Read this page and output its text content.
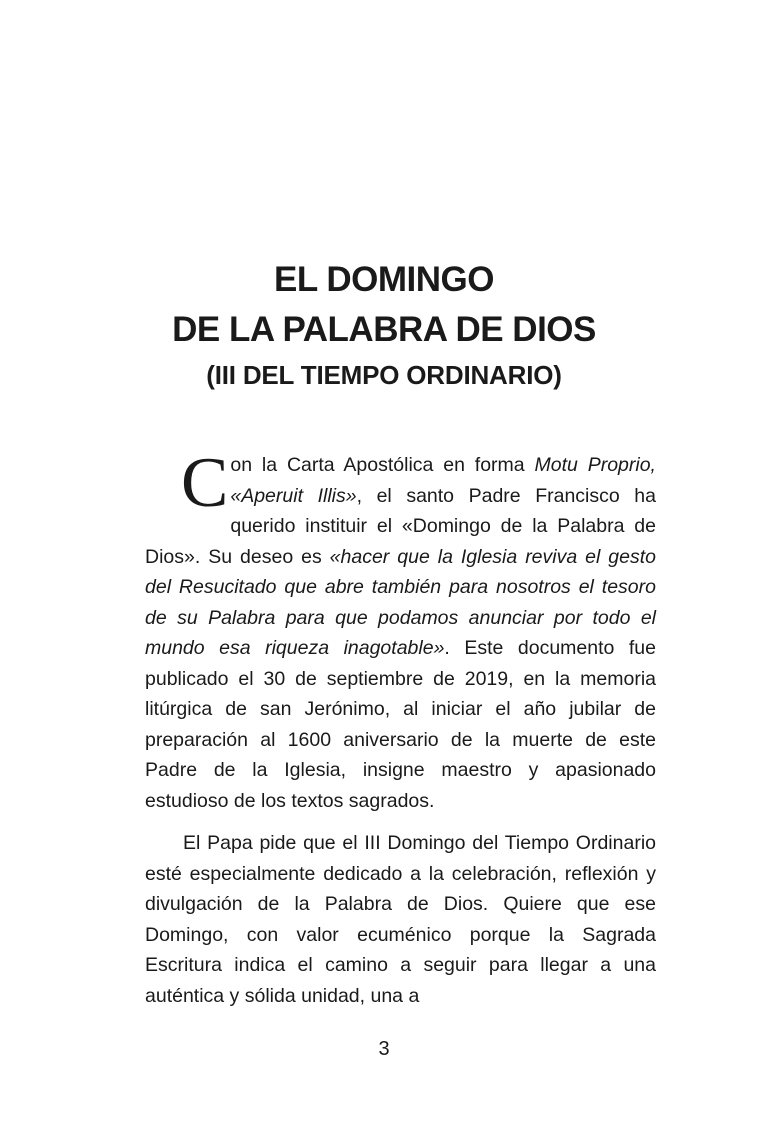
EL DOMINGO
DE LA PALABRA DE DIOS
(III DEL TIEMPO ORDINARIO)

Con la Carta Apostólica en forma Motu Proprio, «Aperuit Illis», el santo Padre Francisco ha querido instituir el «Domingo de la Palabra de Dios». Su deseo es «hacer que la Iglesia reviva el gesto del Resucitado que abre también para nosotros el tesoro de su Palabra para que podamos anunciar por todo el mundo esa riqueza inagotable». Este documento fue publicado el 30 de septiembre de 2019, en la memoria litúrgica de san Jerónimo, al iniciar el año jubilar de preparación al 1600 aniversario de la muerte de este Padre de la Iglesia, insigne maestro y apasionado estudioso de los textos sagrados.

El Papa pide que el III Domingo del Tiempo Ordinario esté especialmente dedicado a la celebración, reflexión y divulgación de la Palabra de Dios. Quiere que ese Domingo, con valor ecuménico porque la Sagrada Escritura indica el camino a seguir para llegar a una auténtica y sólida unidad, una a

3
